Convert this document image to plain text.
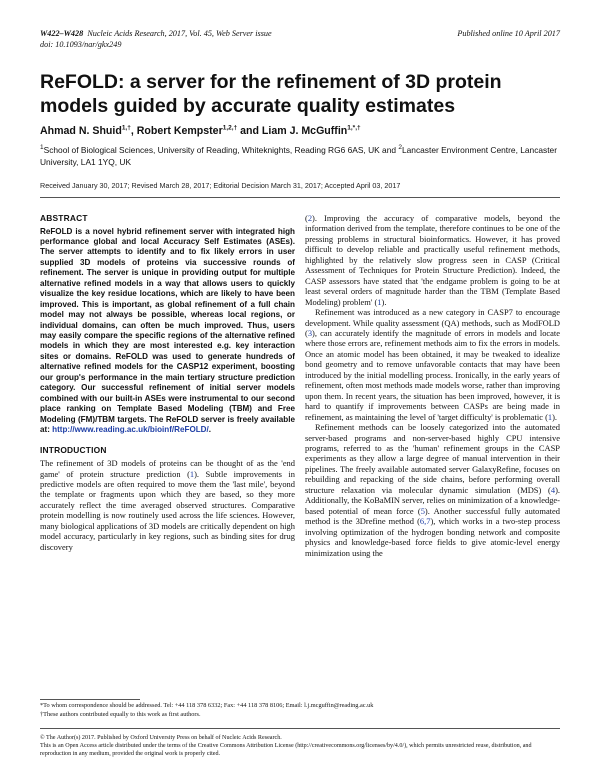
W422–W428 Nucleic Acids Research, 2017, Vol. 45, Web Server issue
doi: 10.1093/nar/gkx249
Published online 10 April 2017
ReFOLD: a server for the refinement of 3D protein models guided by accurate quality estimates
Ahmad N. Shuid$^{1,\dagger}$, Robert Kempster$^{1,2,\dagger}$ and Liam J. McGuffin$^{1,*,\dagger}$
$^1$School of Biological Sciences, University of Reading, Whiteknights, Reading RG6 6AS, UK and $^2$Lancaster Environment Centre, Lancaster University, LA1 1YQ, UK
Received January 30, 2017; Revised March 28, 2017; Editorial Decision March 31, 2017; Accepted April 03, 2017
ABSTRACT

ReFOLD is a novel hybrid refinement server with integrated high performance global and local Accuracy Self Estimates (ASEs). The server attempts to identify and to fix likely errors in user supplied 3D models of proteins via successive rounds of refinement. The server is unique in providing output for multiple alternative refined models in a way that allows users to quickly visualize the key residue locations, which are likely to have been improved. This is important, as global refinement of a full chain model may not always be possible, whereas local regions, or individual domains, can often be much improved. Thus, users may easily compare the specific regions of the alternative refined models in which they are most interested e.g. key interaction sites or domains. ReFOLD was used to generate hundreds of alternative refined models for the CASP12 experiment, boosting our group's performance in the main tertiary structure prediction category. Our successful refinement of initial server models combined with our built-in ASEs were instrumental to our second place ranking on Template Based Modeling (TBM) and Free Modeling (FM)/TBM targets. The ReFOLD server is freely available at: http://www.reading.ac.uk/bioinf/ReFOLD/.

INTRODUCTION

The refinement of 3D models of proteins can be thought of as the 'end game' of protein structure prediction (1). Subtle improvements in predictive models are often required to move them the 'last mile', beyond the template or fragments upon which they are based, so they more accurately reflect the time averaged observed structures. Comparative protein modelling is now routinely used across the life sciences. However, many biological applications of 3D models are critically dependent on high model accuracy, particularly in key regions, such as binding sites for drug discovery

(2). Improving the accuracy of comparative models, beyond the information derived from the template, therefore continues to be one of the pressing problems in structural bioinformatics. However, it has proved difficult to develop reliable and practically useful refinement methods, highlighted by the relatively slow progress seen in CASP (Critical Assessment of Techniques for Protein Structure Prediction). Indeed, the CASP assessors have stated that 'the endgame problem is going to be at least several orders of magnitude harder than the TBM (Template Based Modeling) problem' (1).

Refinement was introduced as a new category in CASP7 to encourage development. While quality assessment (QA) methods, such as ModFOLD (3), can accurately identify the magnitude of errors in models and locate where those errors are, refinement methods aim to fix the errors in models. Once an atomic model has been obtained, it may be tweaked to idealize bond geometry and to remove unfavorable contacts that may have been introduced by the initial modelling process. Ironically, in the early years of refinement, often most methods made models worse, rather than improving upon them. In recent years, the situation has been improved, however, it is hard to quantify if improvements between CASPs are being made in refinement, as maintaining the level of 'target difficulty' is problematic (1).

Refinement methods can be loosely categorized into the automated server-based programs and non-server-based highly CPU intensive programs, referred to as the 'human' refinement groups in the CASP experiments as they allow a large degree of manual intervention in their pipelines. The freely available automated server GalaxyRefine, focuses on rebuilding and repacking of the side chains, before performing overall structure relaxation via molecular dynamic simulation (MDS) (4). Additionally, the KoBaMIN server, relies on minimization of a knowledge-based potential of mean force (5). Another successful fully automated method is the 3Drefine method (6,7), which works in a two-step process involving optimization of the hydrogen bonding network and composite physics and knowledge-based force fields to give atomic-level energy minimization using the

*To whom correspondence should be addressed. Tel: +44 118 378 6332; Fax: +44 118 378 8106; Email: l.j.mcguffin@reading.ac.uk
†These authors contributed equally to this work as first authors.
© The Author(s) 2017. Published by Oxford University Press on behalf of Nucleic Acids Research.
This is an Open Access article distributed under the terms of the Creative Commons Attribution License (http://creativecommons.org/licenses/by/4.0/), which permits unrestricted reuse, distribution, and reproduction in any medium, provided the original work is properly cited.
